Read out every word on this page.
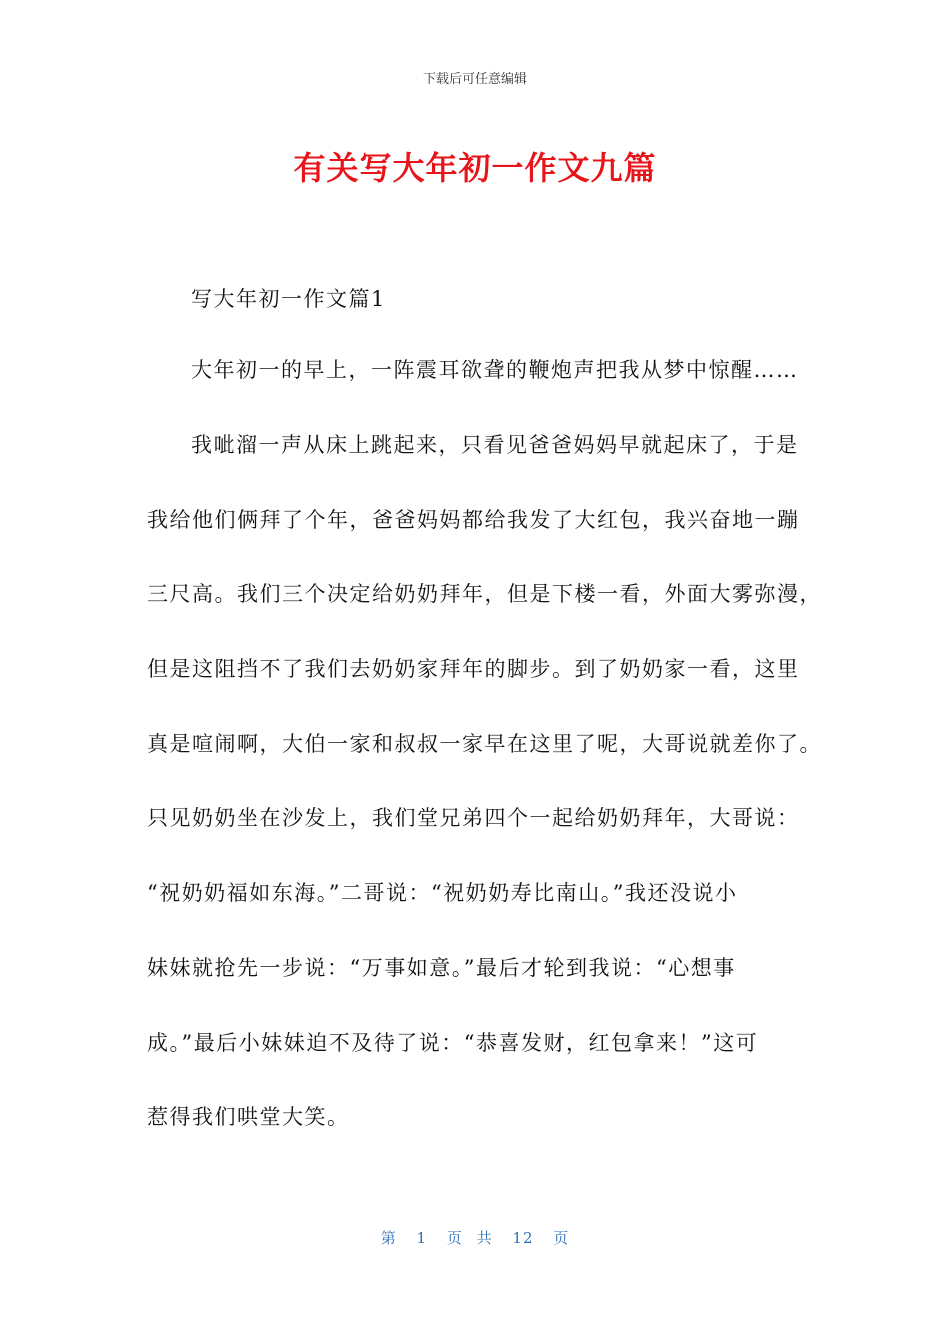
下载后可任意编辑
有关写大年初一作文九篇
写大年初一作文篇1
大年初一的早上，一阵震耳欲聋的鞭炮声把我从梦中惊醒……
我呲溜一声从床上跳起来，只看见爸爸妈妈早就起床了，于是
我给他们俩拜了个年，爸爸妈妈都给我发了大红包，我兴奋地一蹦
三尺高。我们三个决定给奶奶拜年，但是下楼一看，外面大雾弥漫，
但是这阻挡不了我们去奶奶家拜年的脚步。到了奶奶家一看，这里
真是喧闹啊，大伯一家和叔叔一家早在这里了呢，大哥说就差你了。
只见奶奶坐在沙发上，我们堂兄弟四个一起给奶奶拜年，大哥说：
“祝奶奶福如东海。”二哥说：“祝奶奶寿比南山。”我还没说小
妹妹就抢先一步说：“万事如意。”最后才轮到我说：“心想事
成。”最后小妹妹迫不及待了说：“恭喜发财，红包拿来！”这可
惹得我们哄堂大笑。
第 1 页 共 12 页
